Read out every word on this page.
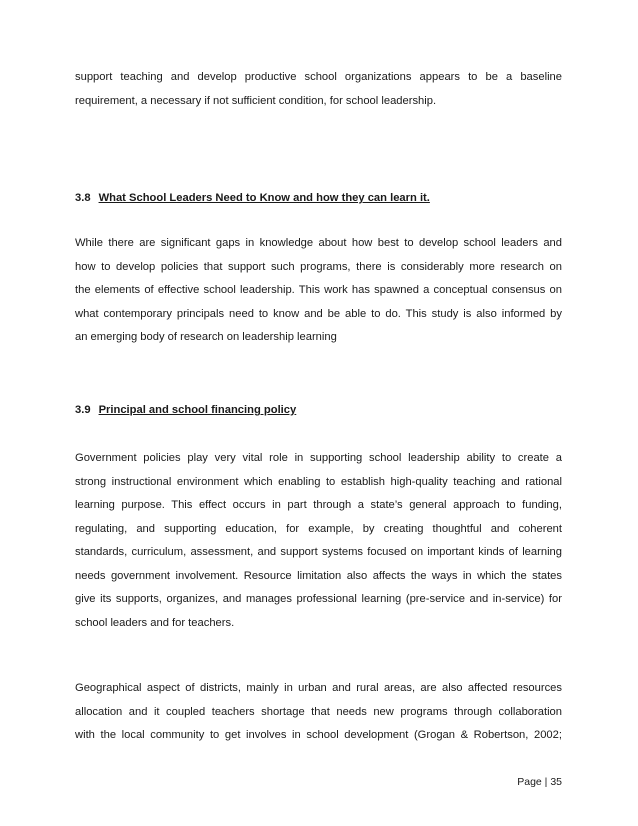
support teaching and develop productive school organizations appears to be a baseline
requirement, a necessary if not sufficient condition, for school leadership.
3.8 What School Leaders Need to Know and how they can learn it.
While there are significant gaps in knowledge about how best to develop school leaders and
how to develop policies that support such programs, there is considerably more research on
the elements of effective school leadership. This work has spawned a conceptual consensus on
what contemporary principals need to know and be able to do. This study is also informed by
an emerging body of research on leadership learning
3.9 Principal and school financing policy
Government policies play very vital role in supporting school leadership ability to create a
strong instructional environment which enabling to establish high-quality teaching and rational
learning purpose. This effect occurs in part through a state’s general approach to funding,
regulating, and supporting education, for example, by creating thoughtful and coherent
standards, curriculum, assessment, and support systems focused on important kinds of learning
needs government involvement. Resource limitation also affects the ways in which the states
give its supports, organizes, and manages professional learning (pre-service and in-service) for
school leaders and for teachers.
Geographical aspect of districts, mainly in urban and rural areas, are also affected resources
allocation and it coupled teachers shortage that needs new programs through collaboration
with the local community to get involves in school development (Grogan & Robertson, 2002;
Page | 35
